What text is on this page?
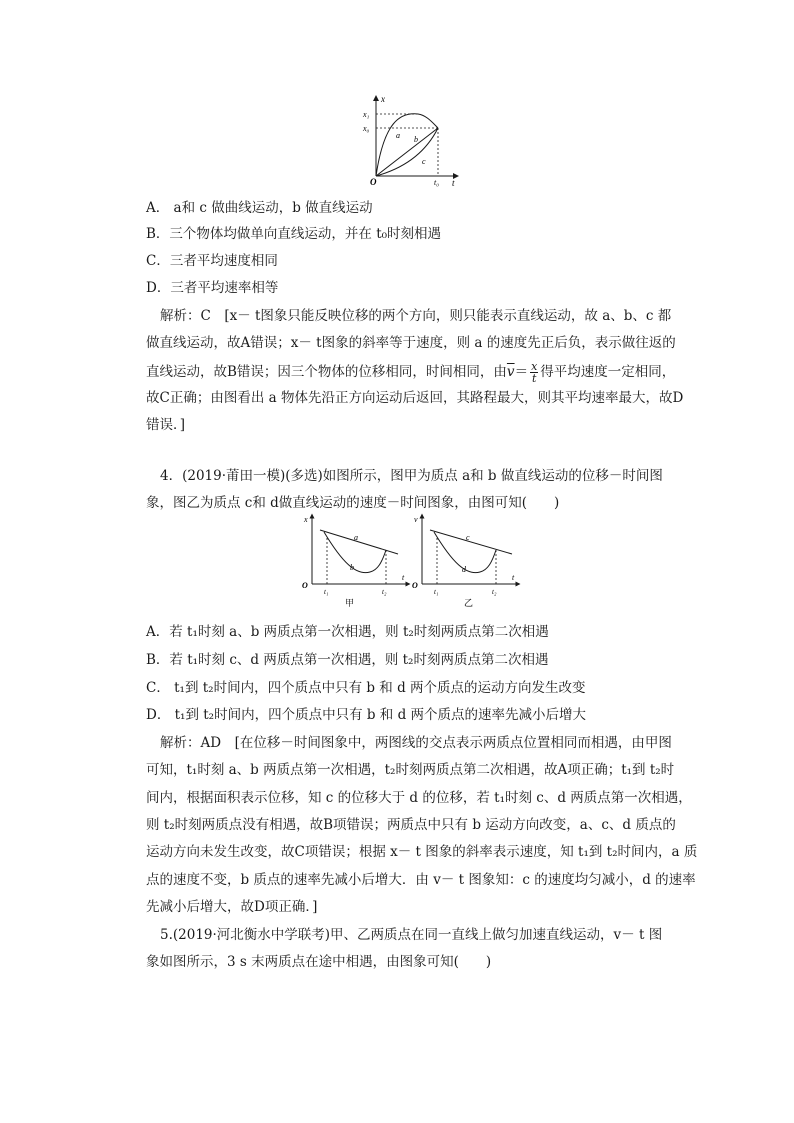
x
x₁
x₀
a b
c
O	t₀ t
A． a和 c 做曲线运动，b 做直线运动
B．三个物体均做单向直线运动，并在 t₀时刻相遇
C．三者平均速度相同
D．三者平均速率相等
解析：C　[x－ t图象只能反映位移的两个方向，则只能表示直线运动，故 a、b、c 都
做直线运动，故A错误；x－ t图象的斜率等于速度，则 a 的速度先正后负，表示做往返的
直线运动，故B错误；因三个物体的位移相同，时间相同，由$\overline{v}= \frac{x}{t}$ 得平均速度一定相同，
故C正确；由图看出 a 物体先沿正方向运动后返回，其路程最大，则其平均速率最大，故D
错误．]
4．(2019·莆田一模)(多选)如图所示，图甲为质点 a和 b 做直线运动的位移－时间图
象，图乙为质点 c和 d做直线运动的速度－时间图象，由图可知(　　)
x
a
b
O
t
t₁	t₂
甲
v
c
d
O
t
t₁	t₂
乙
A．若 t₁时刻 a、b 两质点第一次相遇，则 t₂时刻两质点第二次相遇
B．若 t₁时刻 c、d 两质点第一次相遇，则 t₂时刻两质点第二次相遇
C． t₁到 t₂时间内，四个质点中只有 b 和 d 两个质点的运动方向发生改变
D． t₁到 t₂时间内，四个质点中只有 b 和 d 两个质点的速率先减小后增大
解析：AD　[在位移－时间图象中，两图线的交点表示两质点位置相同而相遇，由甲图
可知，t₁时刻 a、b 两质点第一次相遇，t₂时刻两质点第二次相遇，故A项正确；t₁到 t₂时
间内，根据面积表示位移，知 c 的位移大于 d 的位移，若 t₁时刻 c、d 两质点第一次相遇，
则 t₂时刻两质点没有相遇，故B项错误；两质点中只有 b 运动方向改变，a、c、d 质点的
运动方向未发生改变，故C项错误；根据 x－ t 图象的斜率表示速度，知 t₁到 t₂时间内，a 质
点的速度不变，b 质点的速率先减小后增大．由 v－ t 图象知：c 的速度均匀减小，d 的速率
先减小后增大，故D项正确．]
5.(2019·河北衡水中学联考)甲、乙两质点在同一直线上做匀加速直线运动，v－ t 图
象如图所示，3 s 末两质点在途中相遇，由图象可知(　　)
